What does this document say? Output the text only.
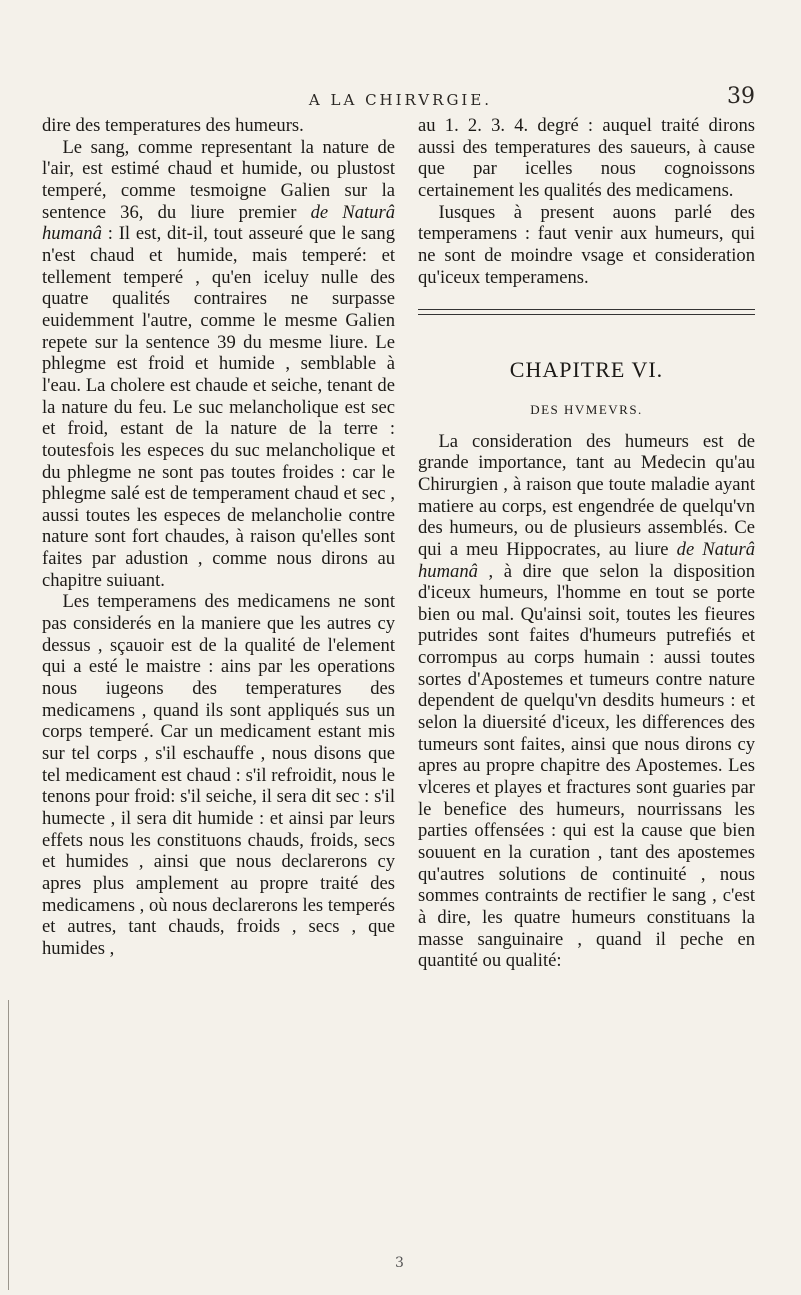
A LA CHIRVRGIE.	39

dire des temperatures des humeurs.

Le sang, comme representant la nature de l'air, est estimé chaud et humide, ou plustost temperé, comme tesmoigne Galien sur la sentence 36, du liure premier de Naturâ humanâ : Il est, dit-il, tout asseuré que le sang n'est chaud et humide, mais temperé: et tellement temperé , qu'en iceluy nulle des quatre qualités contraires ne surpasse euidemment l'autre, comme le mesme Galien repete sur la sentence 39 du mesme liure. Le phlegme est froid et humide , semblable à l'eau. La cholere est chaude et seiche, tenant de la nature du feu. Le suc melancholique est sec et froid, estant de la nature de la terre : toutesfois les especes du suc melancholique et du phlegme ne sont pas toutes froides : car le phlegme salé est de temperament chaud et sec , aussi toutes les especes de melancholie contre nature sont fort chaudes, à raison qu'elles sont faites par adustion , comme nous dirons au chapitre suiuant.

Les temperamens des medicamens ne sont pas considerés en la maniere que les autres cy dessus , sçauoir est de la qualité de l'element qui a esté le maistre : ains par les operations nous iugeons des temperatures des medicamens , quand ils sont appliqués sus un corps temperé. Car un medicament estant mis sur tel corps , s'il eschauffe , nous disons que tel medicament est chaud : s'il refroidit, nous le tenons pour froid: s'il seiche, il sera dit sec : s'il humecte , il sera dit humide : et ainsi par leurs effets nous les constituons chauds, froids, secs et humides , ainsi que nous declarerons cy apres plus amplement au propre traité des medicamens , où nous declarerons les temperés et autres, tant chauds, froids , secs , que humides ,

au 1. 2. 3. 4. degré : auquel traité dirons aussi des temperatures des saueurs, à cause que par icelles nous cognoissons certainement les qualités des medicamens.

Iusques à present auons parlé des temperamens : faut venir aux humeurs, qui ne sont de moindre vsage et consideration qu'iceux temperamens.

CHAPITRE VI.
DES HVMEVRS.

La consideration des humeurs est de grande importance, tant au Medecin qu'au Chirurgien , à raison que toute maladie ayant matiere au corps, est engendrée de quelqu'vn des humeurs, ou de plusieurs assemblés. Ce qui a meu Hippocrates, au liure de Naturâ humanâ , à dire que selon la disposition d'iceux humeurs, l'homme en tout se porte bien ou mal. Qu'ainsi soit, toutes les fieures putrides sont faites d'humeurs putrefiés et corrompus au corps humain : aussi toutes sortes d'Apostemes et tumeurs contre nature dependent de quelqu'vn desdits humeurs : et selon la diuersité d'iceux, les differences des tumeurs sont faites, ainsi que nous dirons cy apres au propre chapitre des Apostemes. Les vlceres et playes et fractures sont guaries par le benefice des humeurs, nourrissans les parties offensées : qui est la cause que bien souuent en la curation , tant des apostemes qu'autres solutions de continuité , nous sommes contraints de rectifier le sang , c'est à dire, les quatre humeurs constituans la masse sanguinaire , quand il peche en quantité ou qualité:

3
